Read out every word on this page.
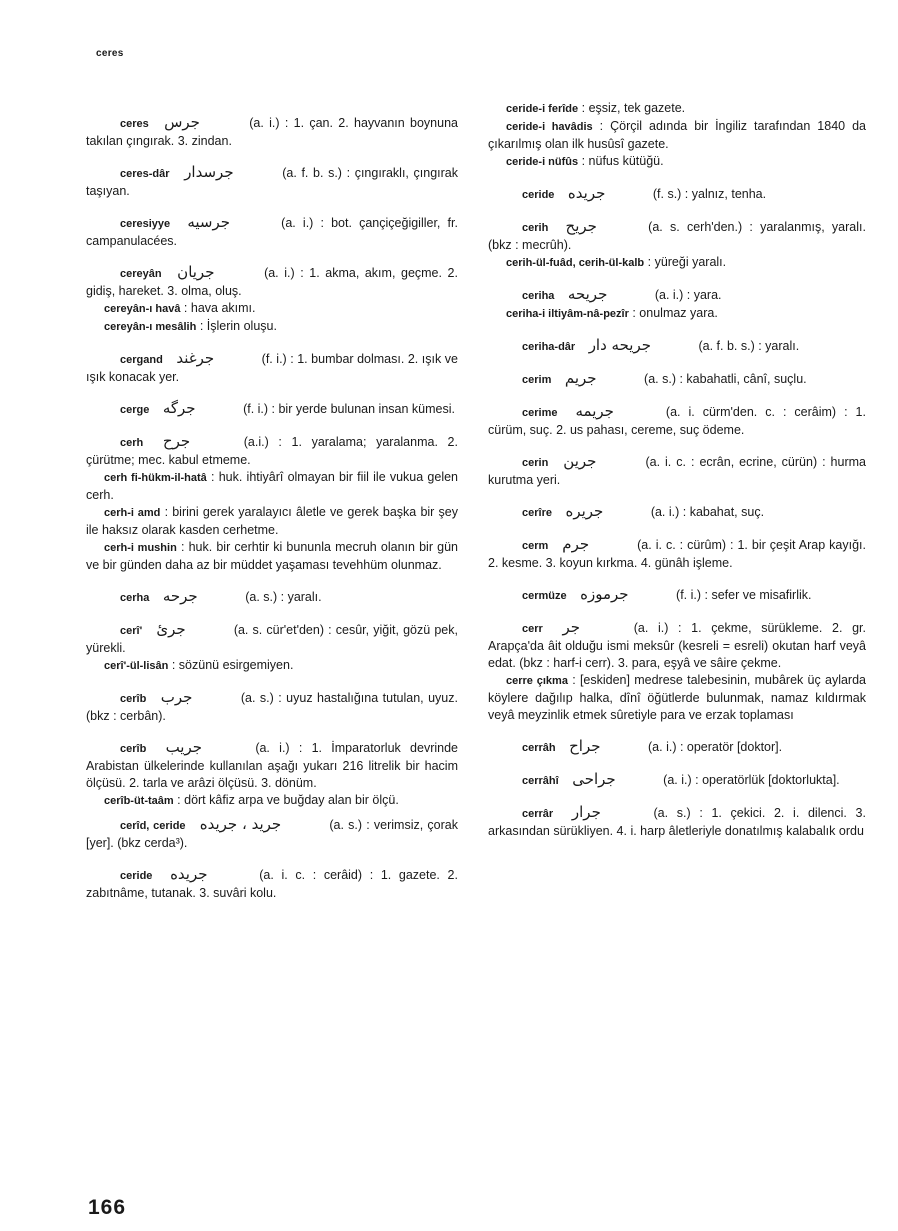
ceres

ceres جرس	(a. i.) : 1. çan. 2. hayvanın boynuna takılan çıngırak. 3. zindan.

ceres-dâr جرسدار	(a. f. b. s.) : çıngıraklı, çıngırak taşıyan.

ceresiyye جرسیه	(a. i.) : bot. çançiçeğigiller, fr. campanulacées.

cereyân جریان	(a. i.) : 1. akma, akım, geçme. 2. gidiş, hareket. 3. olma, oluş.

cereyân-ı havâ : hava akımı.

cereyân-ı mesâlih : İşlerin oluşu.

cergand جرغند	(f. i.) : 1. bumbar dolması. 2. ışık ve ışık konacak yer.

cerge جرگه	(f. i.) : bir yerde bulunan insan kümesi.

cerh جرح	(a.i.) : 1. yaralama; yaralanma. 2. çürütme; mec. kabul etmeme.

cerh fi-hükm-il-hatâ : huk. ihtiyârî olmayan bir fiil ile vukua gelen cerh.

cerh-i amd : birini gerek yaralayıcı âletle ve gerek başka bir şey ile haksız olarak kasden cerhetme.

cerh-i mushin : huk. bir cerhtir ki bununla mecruh olanın bir gün ve bir günden daha az bir müddet yaşaması tevehhüm olunmaz.

cerha جرحه	(a. s.) : yaralı.

cerî' جرئ	(a. s. cür'et'den) : cesûr, yiğit, gözü pek, yürekli.

cerî'-ül-lisân : sözünü esirgemiyen.

cerîb جرب	(a. s.) : uyuz hastalığına tutulan, uyuz. (bkz : cerbân).

cerîb جریب	(a. i.) : 1. İmparatorluk devrinde Arabistan ülkelerinde kullanılan aşağı yukarı 216 litrelik bir hacim ölçüsü. 2. tarla ve arâzi ölçüsü. 3. dönüm.

cerîb-üt-taâm : dört kâfiz arpa ve buğday alan bir ölçü.

cerîd, ceride جرید ، جریده	(a. s.) : verimsiz, çorak [yer]. (bkz cerda³).

ceride جریده	(a. i. c. : cerâid) : 1. gazete. 2. zabıtnâme, tutanak. 3. suvâri kolu.

ceride-i ferîde : eşsiz, tek gazete.

ceride-i havâdis : Çörçil adında bir İngiliz tarafından 1840 da çıkarılmış olan ilk husûsî gazete.

ceride-i nüfûs : nüfus kütüğü.

ceride جریده	(f. s.) : yalnız, tenha.

cerih جریح	(a. s. cerh'den.) : yaralanmış, yaralı. (bkz : mecrûh).

cerih-ül-fuâd, cerih-ül-kalb : yüreği yaralı.

ceriha جریحه	(a. i.) : yara.

ceriha-i iltiyâm-nâ-pezîr : onulmaz yara.

ceriha-dâr جریحه دار	(a. f. b. s.) : yaralı.

cerim جریم	(a. s.) : kabahatli, cânî, suçlu.

cerime جریمه	(a. i. cürm'den. c. : cerâim) : 1. cürüm, suç. 2. us pahası, cereme, suç ödeme.

cerin جرین	(a. i. c. : ecrân, ecrine, cürün) : hurma kurutma yeri.

cerîre جریره	(a. i.) : kabahat, suç.

cerm جرم	(a. i. c. : cürûm) : 1. bir çeşit Arap kayığı. 2. kesme. 3. koyun kırkma. 4. günâh işleme.

cermüze جرموزه	(f. i.) : sefer ve misafirlik.

cerr جر	(a. i.) : 1. çekme, sürükleme. 2. gr. Arapça'da âit olduğu ismi meksûr (kesreli = esreli) okutan harf veyâ edat. (bkz : harf-i cerr). 3. para, eşyâ ve sâire çekme.

cerre çıkma : [eskiden] medrese talebesinin, mubârek üç aylarda köylere dağılıp halka, dînî öğütlerde bulunmak, namaz kıldırmak veyâ meyzinlik etmek sûretiyle para ve erzak toplaması

cerrâh جراح	(a. i.) : operatör [doktor].

cerrâhî جراحی	(a. i.) : operatörlük [doktorlukta].

cerrâr جرار	(a. s.) : 1. çekici. 2. i. dilenci. 3. arkasından sürükliyen. 4. i. harp âletleriyle donatılmış kalabalık ordu

166
